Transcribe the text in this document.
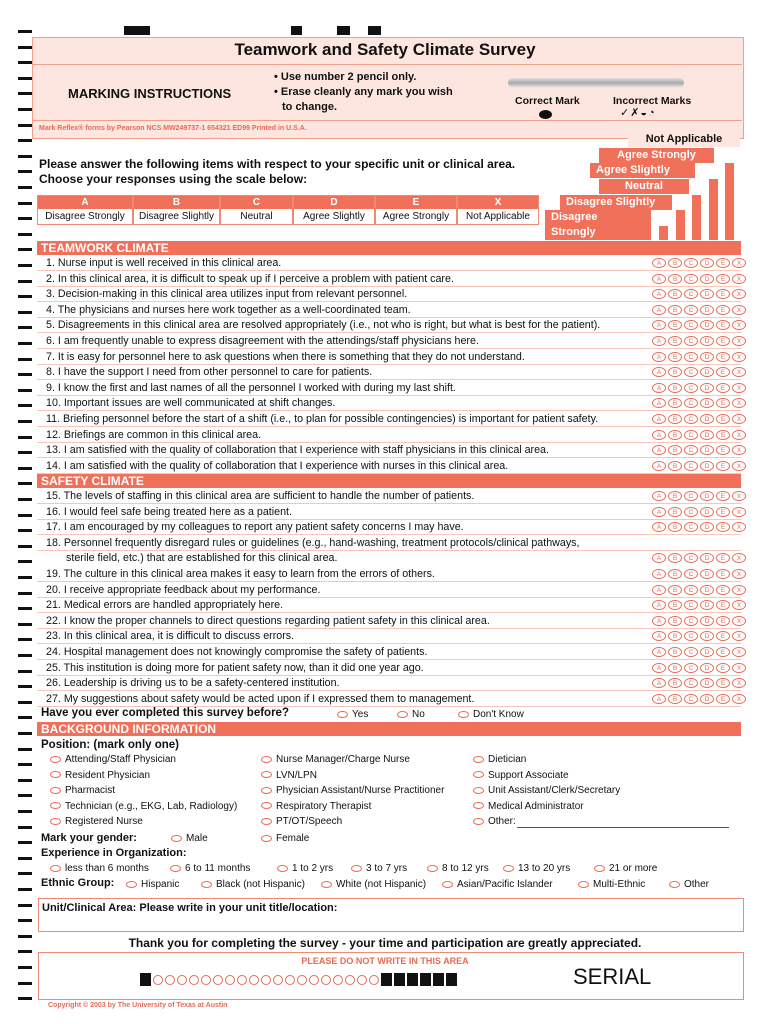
Teamwork and Safety Climate Survey
MARKING INSTRUCTIONS
• Use number 2 pencil only.
• Erase cleanly any mark you wish
to change.	Correct Mark	Incorrect Marks
✓✗◒◔
Mark Reflex® forms by Pearson NCS MW249737-1 654321 ED99 Printed in U.S.A.
Please answer the following items with respect to your specific unit or clinical area.
Choose your responses using the scale below:
A
Disagree Strongly
B
Disagree Slightly
C
Neutral
D
Agree Slightly
E
Agree Strongly
X
Not Applicable
Not Applicable
Agree Strongly
Agree Slightly
Neutral
Disagree Slightly
Disagree Strongly
TEAMWORK CLIMATE
1. Nurse input is well received in this clinical area.	A	B	C	D	E	X
2. In this clinical area, it is difficult to speak up if I perceive a problem with patient care.	A	B	C	D	E	X
3. Decision-making in this clinical area utilizes input from relevant personnel.	A	B	C	D	E	X
4. The physicians and nurses here work together as a well-coordinated team.	A	B	C	D	E	X
5. Disagreements in this clinical area are resolved appropriately (i.e., not who is right, but what is best for the patient).	A	B	C	D	E	X
6. I am frequently unable to express disagreement with the attendings/staff physicians here.	A	B	C	D	E	X
7. It is easy for personnel here to ask questions when there is something that they do not understand.	A	B	C	D	E	X
8. I have the support I need from other personnel to care for patients.	A	B	C	D	E	X
9. I know the first and last names of all the personnel I worked with during my last shift.	A	B	C	D	E	X
10. Important issues are well communicated at shift changes.	A	B	C	D	E	X
11. Briefing personnel before the start of a shift (i.e., to plan for possible contingencies) is important for patient safety.	A	B	C	D	E	X
12. Briefings are common in this clinical area.	A	B	C	D	E	X
13. I am satisfied with the quality of collaboration that I experience with staff physicians in this clinical area.	A	B	C	D	E	X
14. I am satisfied with the quality of collaboration that I experience with nurses in this clinical area.	A	B	C	D	E	X
SAFETY CLIMATE
15. The levels of staffing in this clinical area are sufficient to handle the number of patients.	A	B	C	D	E	X
16. I would feel safe being treated here as a patient.	A	B	C	D	E	X
17. I am encouraged by my colleagues to report any patient safety concerns I may have.	A	B	C	D	E	X
18. Personnel frequently disregard rules or guidelines (e.g., hand-washing, treatment protocols/clinical pathways,
sterile field, etc.) that are established for this clinical area.	A	B	C	D	E	X
19. The culture in this clinical area makes it easy to learn from the errors of others.	A	B	C	D	E	X
20. I receive appropriate feedback about my performance.	A	B	C	D	E	X
21. Medical errors are handled appropriately here.	A	B	C	D	E	X
22. I know the proper channels to direct questions regarding patient safety in this clinical area.	A	B	C	D	E	X
23. In this clinical area, it is difficult to discuss errors.	A	B	C	D	E	X
24. Hospital management does not knowingly compromise the safety of patients.	A	B	C	D	E	X
25. This institution is doing more for patient safety now, than it did one year ago.	A	B	C	D	E	X
26. Leadership is driving us to be a safety-centered institution.	A	B	C	D	E	X
27. My suggestions about safety would be acted upon if I expressed them to management.	A	B	C	D	E	X
Have you ever completed this survey before?	Yes	No	Don't Know
BACKGROUND INFORMATION
Position: (mark only one)
Attending/Staff Physician
Resident Physician
Pharmacist
Technician (e.g., EKG, Lab, Radiology)
Registered Nurse
Nurse Manager/Charge Nurse
LVN/LPN
Physician Assistant/Nurse Practitioner
Respiratory Therapist
PT/OT/Speech
Dietician
Support Associate
Unit Assistant/Clerk/Secretary
Medical Administrator
Other:
Mark your gender:	Male	Female
Experience in Organization:
less than 6 months	6 to 11 months	1 to 2 yrs	3 to 7 yrs	8 to 12 yrs	13 to 20 yrs	21 or more
Ethnic Group:	Hispanic	Black (not Hispanic)	White (not Hispanic)	Asian/Pacific Islander	Multi-Ethnic	Other
Unit/Clinical Area: Please write in your unit title/location:
Thank you for completing the survey - your time and participation are greatly appreciated.
PLEASE DO NOT WRITE IN THIS AREA
SERIAL
Copyright © 2003 by The University of Texas at Austin
